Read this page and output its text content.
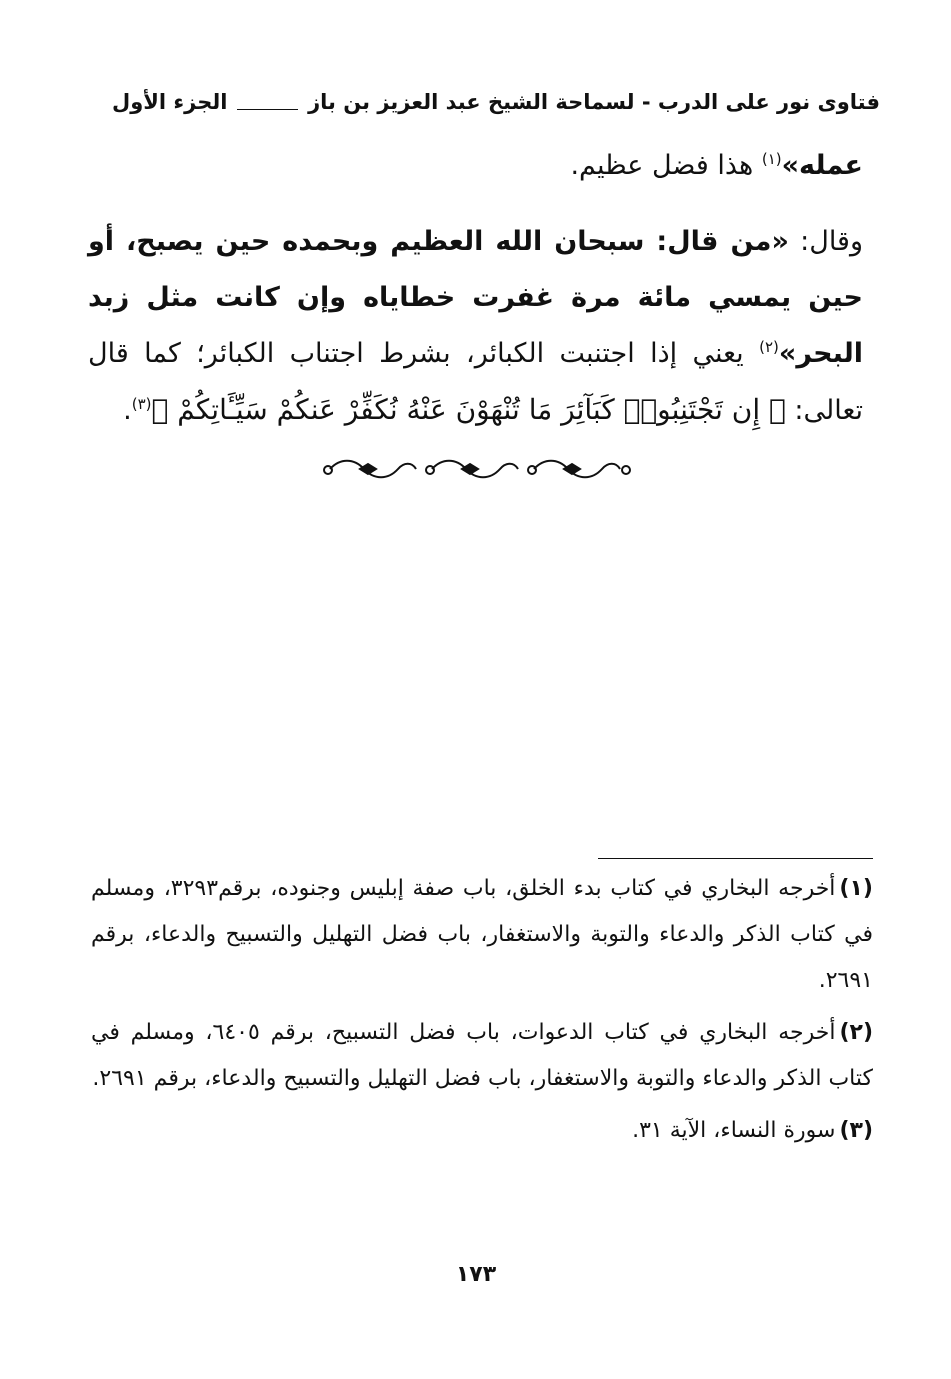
فتاوى نور على الدرب - لسماحة الشيخ عبد العزيز بن باز
الجزء الأول
عمله»$^{(١)}$ هذا فضل عظيم.
وقال: «من قال: سبحان الله العظيم وبحمده حين يصبح، أو حين يمسي مائة مرة غفرت خطاياه وإن كانت مثل زبد البحر»$^{(٢)}$ يعني إذا اجتنبت الكبائر، بشرط اجتناب الكبائر؛ كما قال تعالى: ﴿ إِن تَجْتَنِبُوا۟ كَبَآئِرَ مَا تُنْهَوْنَ عَنْهُ نُكَفِّرْ عَنكُمْ سَيِّـَٔاتِكُمْ ﴾$^{(٣)}$.

(١)أخرجه البخاري في كتاب بدء الخلق، باب صفة إبليس وجنوده، برقم٣٢٩٣، ومسلم في كتاب الذكر والدعاء والتوبة والاستغفار، باب فضل التهليل والتسبيح والدعاء، برقم ٢٦٩١.

(٢)أخرجه البخاري في كتاب الدعوات، باب فضل التسبيح، برقم ٦٤٠٥، ومسلم في كتاب الذكر والدعاء والتوبة والاستغفار، باب فضل التهليل والتسبيح والدعاء، برقم ٢٦٩١.

(٣)سورة النساء، الآية ٣١.

١٧٣
